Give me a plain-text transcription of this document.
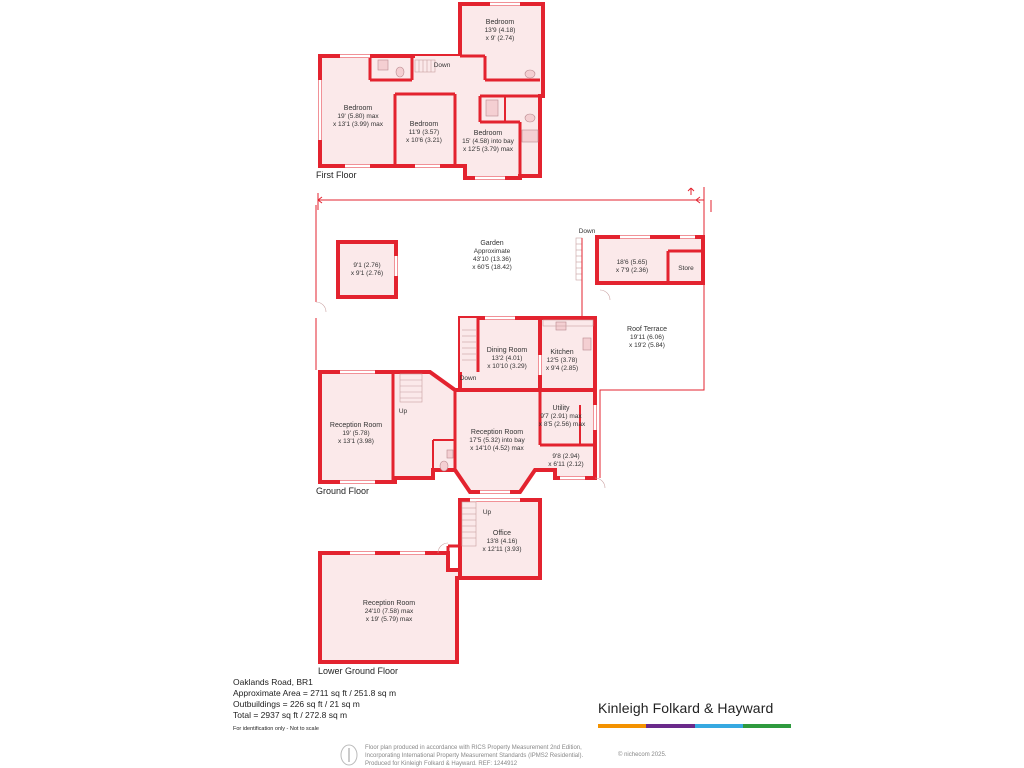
First Floor
Ground Floor
Lower Ground Floor
Bedroom
13'9 (4.18)
x 9' (2.74)
Bedroom
19' (5.80) max
x 13'1 (3.99) max	Bedroom
11'9 (3.57)
x 10'6 (3.21)
Bedroom
15' (4.58) into bay
x 12'5 (3.79) max
Down
Garden
Approximate
43'10 (13.36)
x 60'5 (18.42)
9'1 (2.76)
x 9'1 (2.76)
18'6 (5.65)
x 7'9 (2.36)	Store
Down
Roof Terrace
19'11 (6.06)
x 19'2 (5.84)
Dining Room
13'2 (4.01)
x 10'10 (3.29)
Kitchen
12'5 (3.78)
x 9'4 (2.85)
Down
Up	Utility
9'7 (2.91) max
x 8'5 (2.56) max
9'8 (2.94)
x 6'11 (2.12)
Reception Room
19' (5.78)
x 13'1 (3.98)
Reception Room
17'5 (5.32) into bay
x 14'10 (4.52) max
Up
Office
13'8 (4.16)
x 12'11 (3.93)
Reception Room
24'10 (7.58) max
x 19' (5.79) max
Oaklands Road, BR1
Approximate Area = 2711 sq ft / 251.8 sq m
Outbuildings = 226 sq ft / 21 sq m
Total = 2937 sq ft / 272.8 sq m
For identification only - Not to scale
Kinleigh Folkard & Hayward
Floor plan produced in accordance with RICS Property Measurement 2nd Edition,
Incorporating International Property Measurement Standards (IPMS2 Residential).
Produced for Kinleigh Folkard & Hayward. REF: 1244912
© nichecom 2025.
